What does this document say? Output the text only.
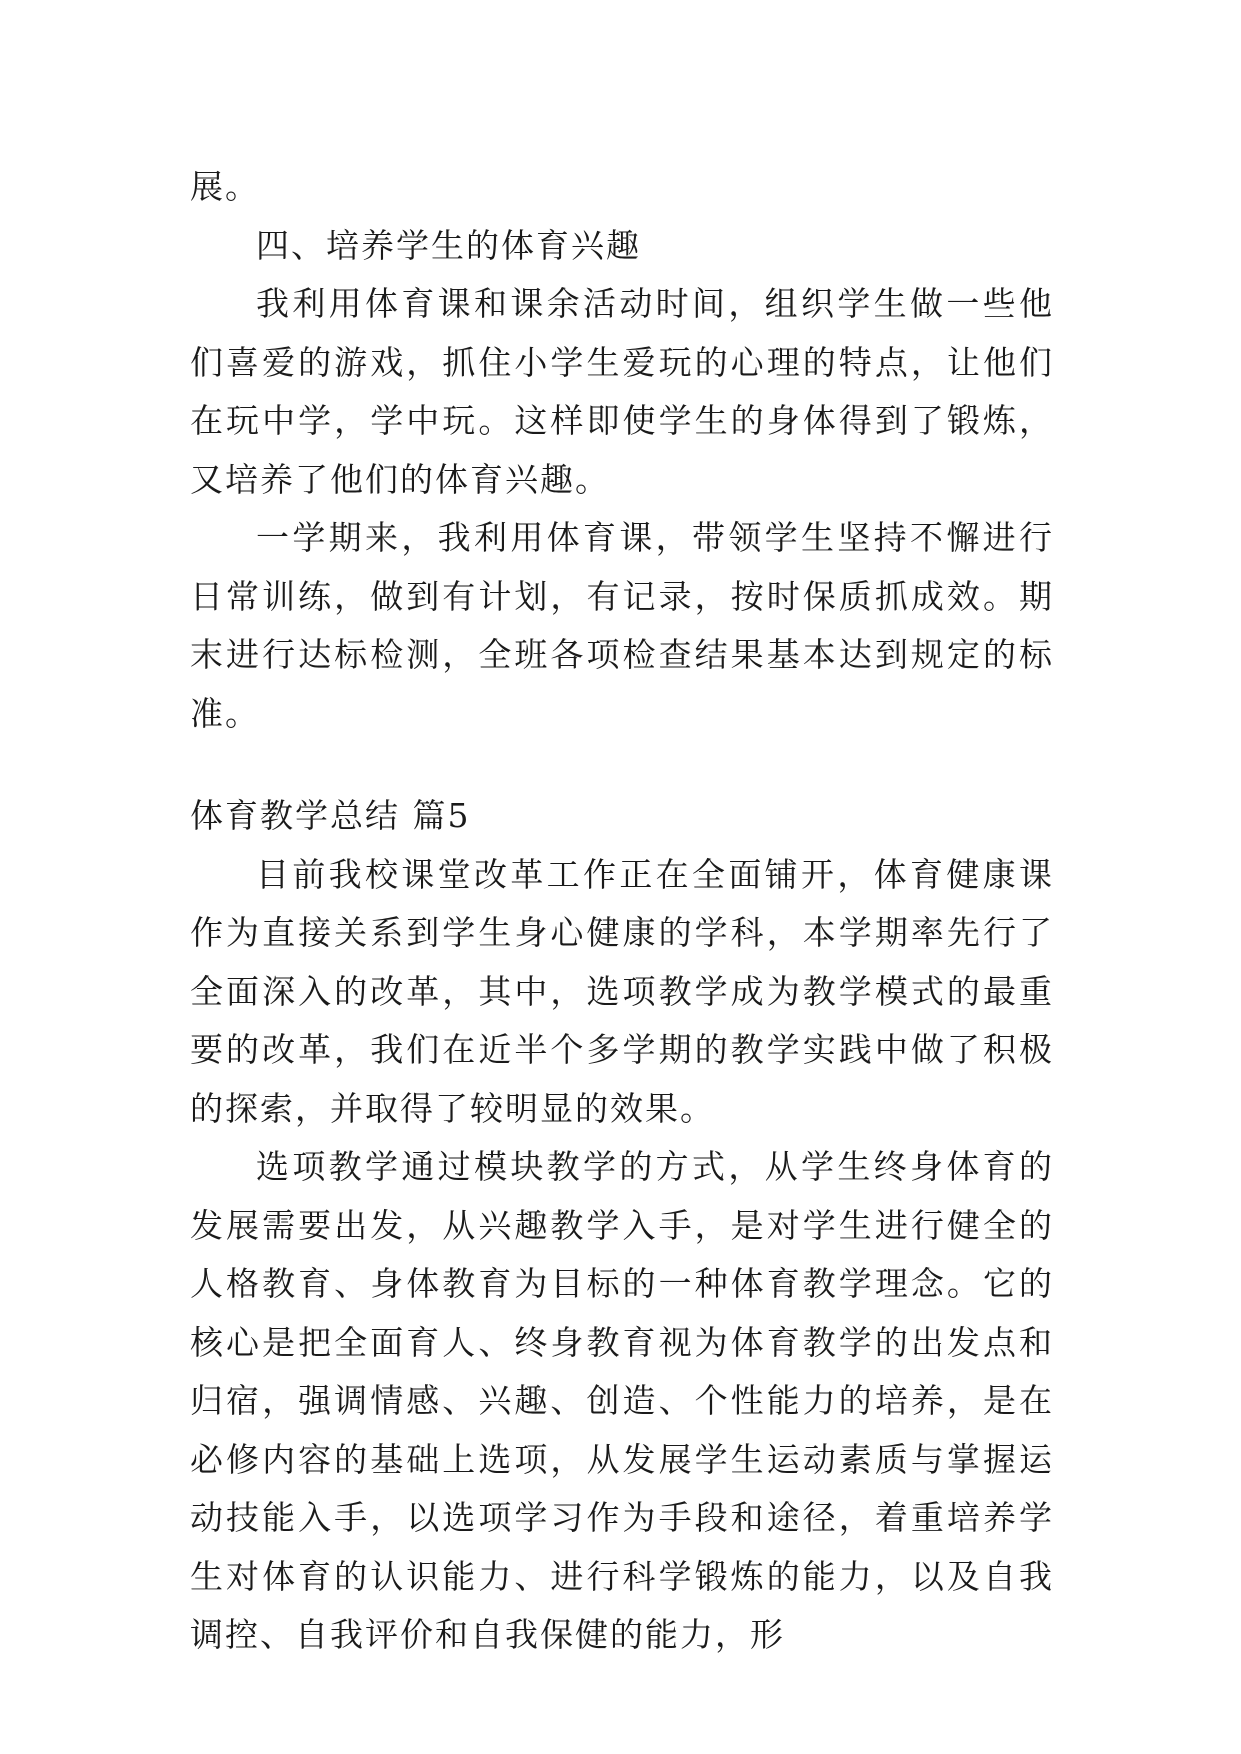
展。

四、培养学生的体育兴趣

我利用体育课和课余活动时间，组织学生做一些他们喜爱的游戏，抓住小学生爱玩的心理的特点，让他们在玩中学，学中玩。这样即使学生的身体得到了锻炼，又培养了他们的体育兴趣。

一学期来，我利用体育课，带领学生坚持不懈进行日常训练，做到有计划，有记录，按时保质抓成效。期末进行达标检测，全班各项检查结果基本达到规定的标准。

体育教学总结 篇5

目前我校课堂改革工作正在全面铺开，体育健康课作为直接关系到学生身心健康的学科，本学期率先行了全面深入的改革，其中，选项教学成为教学模式的最重要的改革，我们在近半个多学期的教学实践中做了积极的探索，并取得了较明显的效果。

选项教学通过模块教学的方式，从学生终身体育的发展需要出发，从兴趣教学入手，是对学生进行健全的人格教育、身体教育为目标的一种体育教学理念。它的核心是把全面育人、终身教育视为体育教学的出发点和归宿，强调情感、兴趣、创造、个性能力的培养，是在必修内容的基础上选项，从发展学生运动素质与掌握运动技能入手，以选项学习作为手段和途径，着重培养学生对体育的认识能力、进行科学锻炼的能力，以及自我调控、自我评价和自我保健的能力，形
